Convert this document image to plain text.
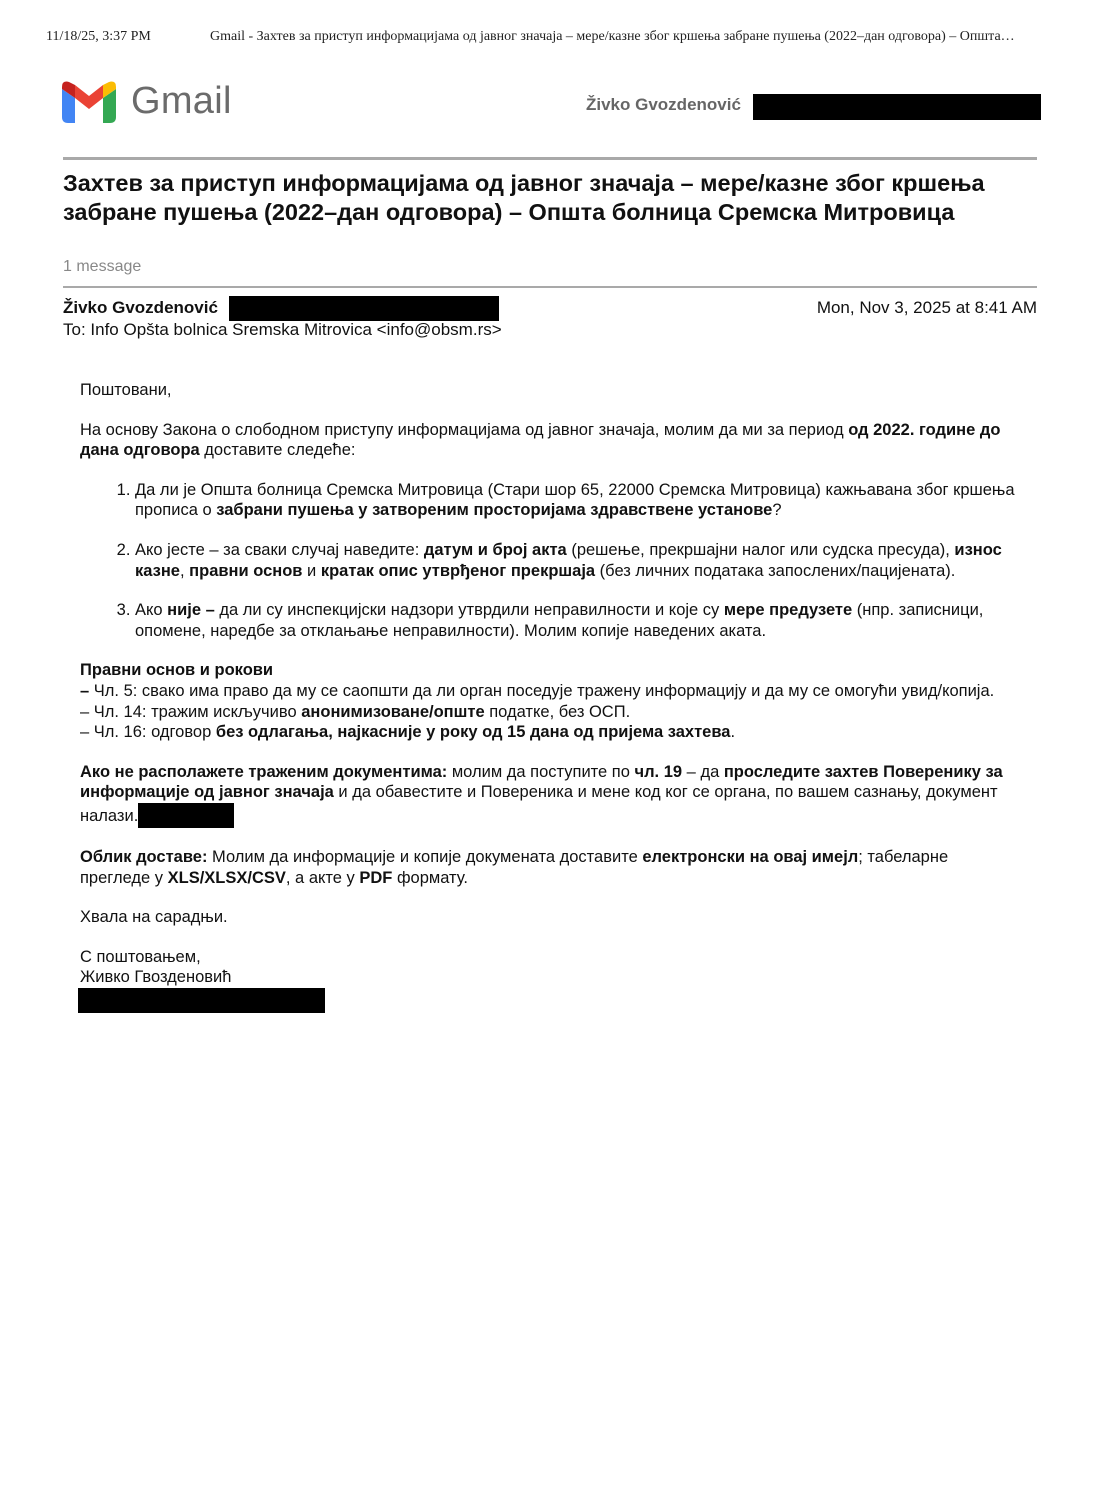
11/18/25, 3:37 PM	Gmail - Захтев за приступ информацијама од јавног значаја – мере/казне због кршења забране пушења (2022–дан одговора) – Општа…
Gmail	Živko Gvozdenović
Захтев за приступ информацијама од јавног значаја – мере/казне због кршења забране пушења (2022–дан одговора) – Општа болница Сремска Митровица
1 message
Živko Gvozdenović	Mon, Nov 3, 2025 at 8:41 AM
To: Info Opšta bolnica Sremska Mitrovica <info@obsm.rs>

Поштовани,

На основу Закона о слободном приступу информацијама од јавног значаја, молим да ми за период од 2022. године до дана одговора доставите следеће:

1. Да ли је Општа болница Сремска Митровица (Стари шор 65, 22000 Сремска Митровица) кажњавана због кршења прописа о забрани пушења у затвореним просторијама здравствене установе?
2. Ако јесте – за сваки случај наведите: датум и број акта (решење, прекршајни налог или судска пресуда), износ казне, правни основ и кратак опис утврђеног прекршаја (без личних података запослених/пацијената).
3. Ако није – да ли су инспекцијски надзори утврдили неправилности и које су мере предузете (нпр. записници, опомене, наредбе за отклањање неправилности). Молим копије наведених аката.

Правни основ и рокови
– Чл. 5: свако има право да му се саопшти да ли орган поседује тражену информацију и да му се омогући увид/копија.
– Чл. 14: тражим искључиво анонимизоване/опште податке, без ОСП.
– Чл. 16: одговор без одлагања, најкасније у року од 15 дана од пријема захтева.

Ако не располажете траженим документима: молим да поступите по чл. 19 – да проследите захтев Поверенику за информације од јавног значаја и да обавестите и Повереника и мене код ког се органа, по вашем сазнању, документ налази.

Облик доставе: Молим да информације и копије докумената доставите електронски на овај имејл; табеларне прегледе у XLS/XLSX/CSV, а акте у PDF формату.

Хвала на сарадњи.

С поштовањем,
Живко Гвозденовић
